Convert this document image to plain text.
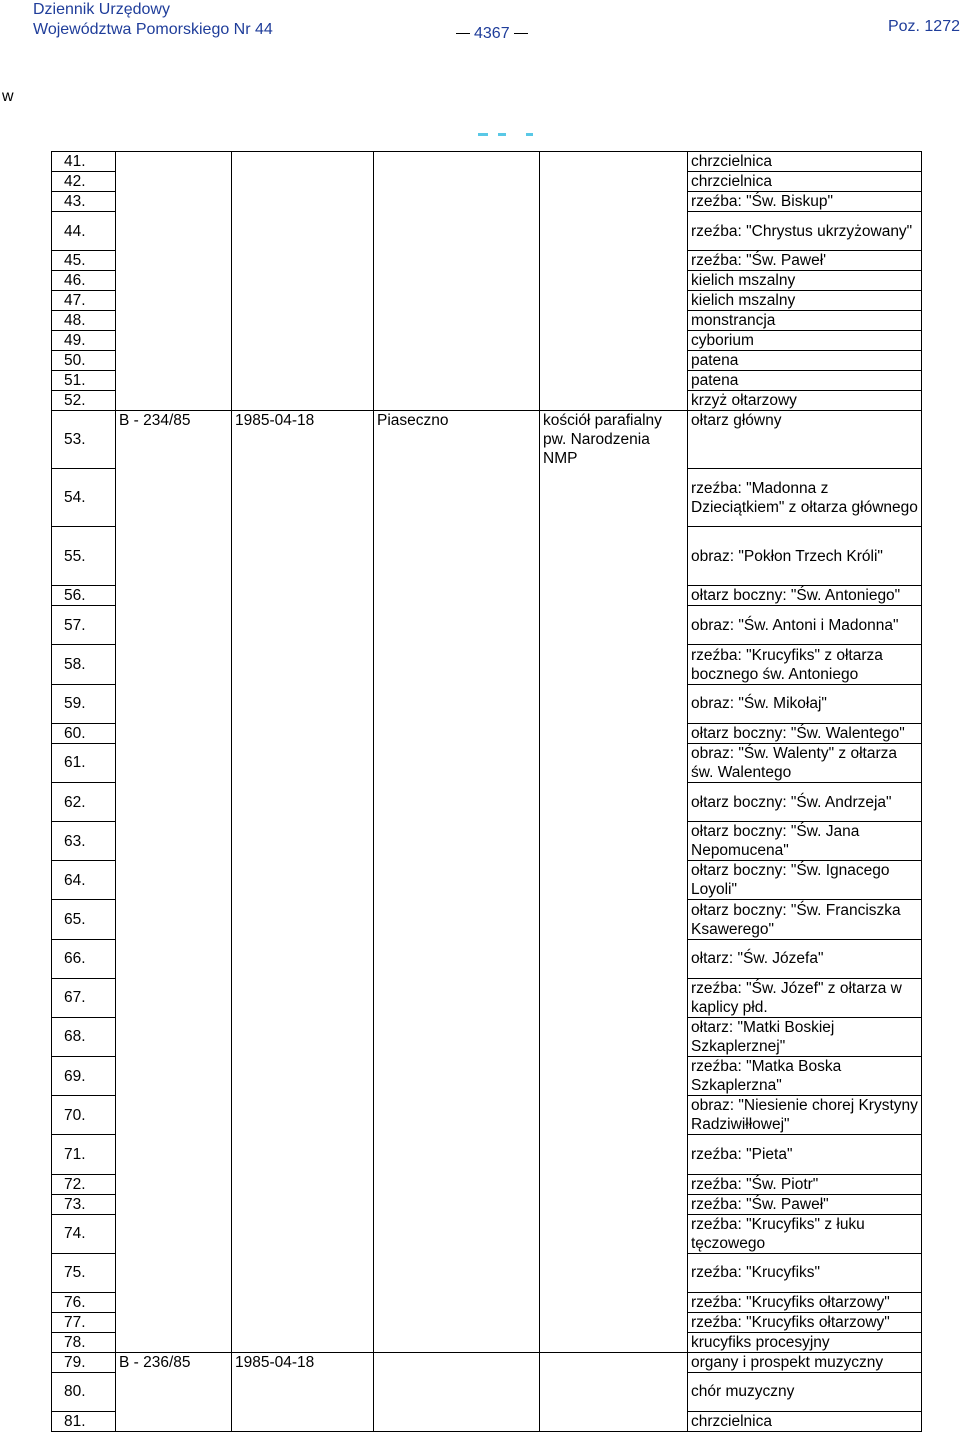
Dziennik Urzędowy
Województwa Pomorskiego Nr 44	4367	Poz. 1272
w
41.					chrzcielnica
42.					chrzcielnica
43.					rzeźba: "Św. Biskup"
44.					rzeźba: "Chrystus ukrzyżowany"
45.					rzeźba: "Św. Paweł'
46.					kielich mszalny
47.					kielich mszalny
48.					monstrancja
49.					cyborium
50.					patena
51.					patena
52.					krzyż ołtarzowy
53.	B - 234/85	1985-04-18	Piaseczno	kościół parafialny pw. Narodzenia NMP	ołtarz główny
54.					rzeźba: "Madonna z Dzieciątkiem" z ołtarza głównego
55.					obraz: "Pokłon Trzech Króli"
56.					ołtarz boczny: "Św. Antoniego"
57.					obraz: "Św. Antoni i Madonna"
58.					rzeźba: "Krucyfiks" z ołtarza bocznego św. Antoniego
59.					obraz: "Św. Mikołaj"
60.					ołtarz boczny: "Św. Walentego"
61.					obraz: "Św. Walenty" z ołtarza św. Walentego
62.					ołtarz boczny: "Św. Andrzeja"
63.					ołtarz boczny: "Św. Jana Nepomucena"
64.					ołtarz boczny: "Św. Ignacego Loyoli"
65.					ołtarz boczny: "Św. Franciszka Ksawerego"
66.					ołtarz: "Św. Józefa"
67.					rzeźba: "Św. Józef" z ołtarza w kaplicy płd.
68.					ołtarz: "Matki Boskiej Szkaplerznej"
69.					rzeźba: "Matka Boska Szkaplerzna"
70.					obraz: "Niesienie chorej Krystyny Radziwiłłowej"
71.					rzeźba: "Pieta"
72.					rzeźba: "Św. Piotr"
73.					rzeźba: "Św. Paweł"
74.					rzeźba: "Krucyfiks" z łuku tęczowego
75.					rzeźba: "Krucyfiks"
76.					rzeźba: "Krucyfiks ołtarzowy"
77.					rzeźba: "Krucyfiks ołtarzowy"
78.					krucyfiks procesyjny
79.	B - 236/85	1985-04-18			organy i prospekt muzyczny
80.					chór muzyczny
81.					chrzcielnica
